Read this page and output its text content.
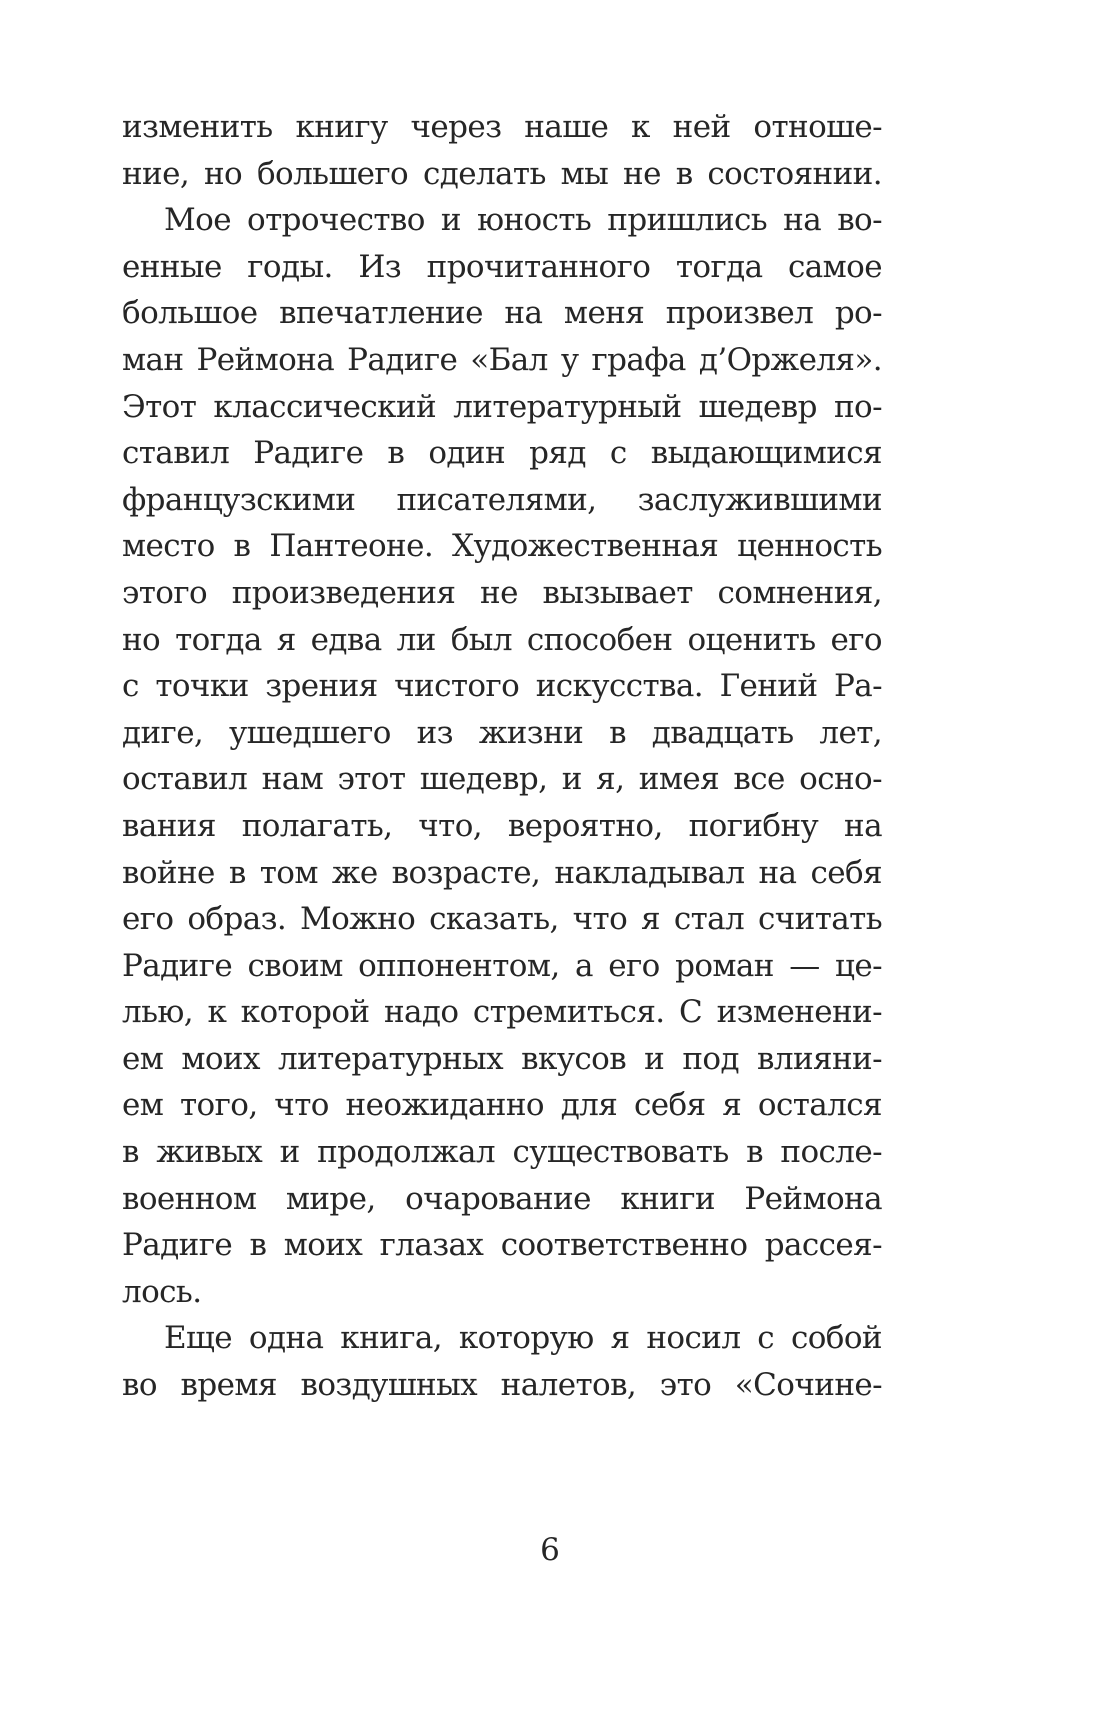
изменить книгу через наше к ней отноше-
ние, но большего сделать мы не в состоянии.
Мое отрочество и юность пришлись на во-
енные годы. Из прочитанного тогда самое
большое впечатление на меня произвел ро-
ман Реймона Радиге «Бал у графа д’Оржеля».
Этот классический литературный шедевр по-
ставил Радиге в один ряд с выдающимися
французскими писателями, заслужившими
место в Пантеоне. Художественная ценность
этого произведения не вызывает сомнения,
но тогда я едва ли был способен оценить его
с точки зрения чистого искусства. Гений Ра-
диге, ушедшего из жизни в двадцать лет,
оставил нам этот шедевр, и я, имея все осно-
вания полагать, что, вероятно, погибну на
войне в том же возрасте, накладывал на себя
его образ. Можно сказать, что я стал считать
Радиге своим оппонентом, а его роман — це-
лью, к которой надо стремиться. С изменени-
ем моих литературных вкусов и под влияни-
ем того, что неожиданно для себя я остался
в живых и продолжал существовать в после-
военном мире, очарование книги Реймона
Радиге в моих глазах соответственно рассея-
лось.
Еще одна книга, которую я носил с собой
во время воздушных налетов, это «Сочине-
6
